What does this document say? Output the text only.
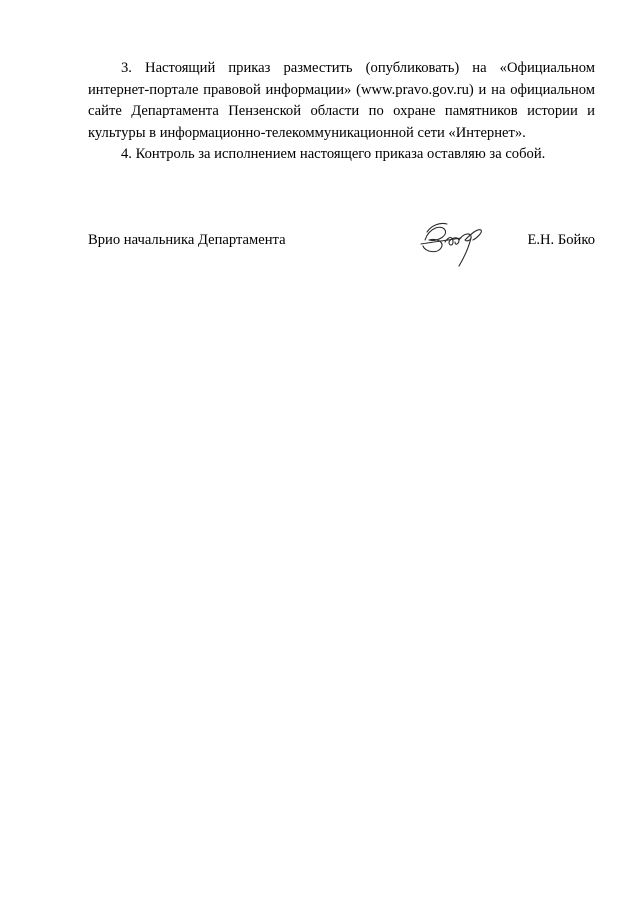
3. Настоящий приказ разместить (опубликовать) на «Официальном интернет-портале правовой информации» (www.pravo.gov.ru) и на официальном сайте Департамента Пензенской области по охране памятников истории и культуры в информационно-телекоммуникационной сети «Интернет».

4. Контроль за исполнением настоящего приказа оставляю за собой.

Врио начальника Департамента	Е.Н. Бойко
